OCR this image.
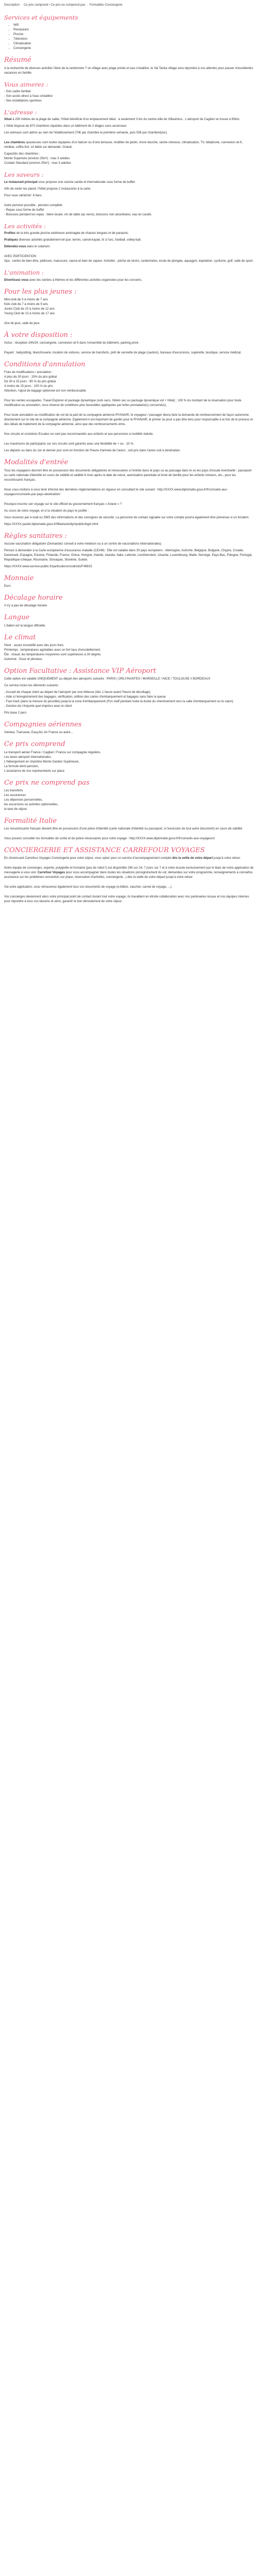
Description · Ce prix comprend / Ce prix ne comprend pas · Formalités Conciergerie
Services et équipements
• Wifi
• Restaurant
• Piscine
• Télévision
• Climatisation
• Conciergerie
Résumé

A la recherche de diverses activités l'âme de la randonnée ? un village avec plage privée et eau cristalline, le Val Tanka village sera répondre à vos attentes pour passer d'excellentes vacances en famille.

Vous aimerez :

- Son cadre familial
- Son accès direct à l'eau cristalline
- Ses installations sportives

L'adresse :

Situé à 200 mètres de la plage de sable, l'hôtel bénéficie d'un emplacement idéal : à seulement 3 km du centre-ville de Villasimius , L'aéroport de Cagliari se trouve à 65km.

L'hôtel dispose de 870 chambres réparties dans un bâtiment de 2 étages sans ascenseur.

Les animaux sont admis au sein de l'établissement (70€ par chambre la première semaine, puis 50€ par chambre/jour).

Les chambres spacieuses sont toutes équipées d'un balcon ou d'une terrasse, mobilier de jardin, d'une douche, sèche-cheveux, climatisation, TV, téléphone, connexion wi-fi, minibar, coffre-fort. Lit bébé sur demande. Gratuit.

Capacités des chambres :
Monte Superiore (environ 25m²) : max 3 adultes
Cosbah Standard (environ 25m²) : max 3 adultes

Les saveurs :

Le restaurant principal vous propose une cuisine variée et internationale sous forme de buffet.

Afin de varier les plaisir, l'hôtel propose 2 restaurants à la carte.

Pour vous rafraîchir: 6 bars.

Autre pension possible : pension complète
- Repas sous forme de buffet
- Boissons pendant les repas : bière locale, vin de table (au verre), boissons non alcoolisées, eau en carafe.

Les activités :

Profitez de la très grande piscine extérieure aménagée de chaises longues et de parasols.

Pratiquez diverses activités gratuitement tel que: tennis, canoë-kayak, tir à l'arc, football, volley-ball.

Détendez-vous dans le solarium.

AVEC PARTICIPATION
Spa : centre de bien-être, pédicure, manucure, sauna et bain de vapeur. Activités : pêche de loisirs, randonnées, école de plongée, aquagym, équitation, cyclisme, golf, salle de sport.

L'animation :

Divertissez vous avec les soirées à thèmes et les différentes activités organisées pour les concerts.

Pour les plus jeunes :

Mini-club de 3 à moins de 7 ans
Kids club de 7 à moins de 9 ans
Junior Club de 10 à moins de 12 ans
Young Club de 13 à moins de 17 ans

Aire de jeux, salle de jeux.

À votre disposition :

Inclus : réception 24h/24, conciergerie, connexion wi-fi dans l'ensemble du bâtiment, parking privé.

Payant : babysitting, blanchisserie, location de voitures, service de transferts, prêt de serviette de plage (caution), bureaux d'excursions, supérette, boutique, service médical.

Conditions d'annulation

Frais de modifications / annulation :
A plus de 30 jours : 15% du prix global
De 30 à 15 jours : 85 % du prix global
A moins de 15 jours : 100 % du prix
Attention, l'ajout de bagage optionnel est non remboursable.

Pour les ventes escapades, Travel Explorer et package dynamique (vols secs, hôtels sec ou package dynamique vol + hôtel) : 100 % du montant de la réservation pour toute modification ou annulation, sous réserve de conditions plus favorables appliquées par le/les prestataire(s) concerné(s).

Pour toute annulation ou modification de vol de la part de la compagnie aérienne RYANAIR, le voyageur / passager devra faire la demande de remboursement de façon autonome directement sur le site de la compagnie aérienne. Egalement il est important de garder pour le RYANAIR, le primer ou pour a pas être tenu pour responsable à la fois de le process et des délais de traitement de la compagnie aérienne, ainsi que des remboursements émis.

Nos circuits et croisières Escales ne sont pas recommandés aux enfants et aux personnes à mobilité réduite.

Les maximums de participants sur nos circuits sont garantis avec une flexibilité de + ou - 10 %.

Les départs ou dans du 1er et dernier jour sont en fonction de l'heure d'arrivée de l'avion , soit pris dans l'avion soit à destination.

Modalités d'entrée

Tous les voyageurs devront être en possession des documents obligatoires et nécessaires à l'entrée dans le pays ou au passage dans le ou les pays d'escale éventuelle : passeport ou carte nationale d'identité en cours de validité et validité 6 mois après la date de retour, autorisation parentale et livret de famille pour les enfants mineurs, etc., pour les ressortissants français.

Nous vous invitons à vous tenir informé des dernières réglementations en vigueur en consultant le site suivant : http://XXXX.www.diplomatie.gouv.fr/fr/conseils-aux-voyageurs/conseils-par-pays-destination/

Pourquoi inscrire son voyage sur le site officiel du gouvernement français « Ariane » ?

Au cours de votre voyage, et si la situation du pays le justifie :

Vous recevrez par e-mail ou SMS des informations et des consignes de sécurité. La personne de contact signalée sur votre compte pourra également être prévenue si un incident.

https://XXXX.pastel.diplomatie.gouv.fr/fildariane/dyn/public/login.html

Règles sanitaires :

Aucune vaccination obligatoire (Demandez conseil à votre médecin ou à un centre de vaccinations internationales).

Pensez à demander à la Carte européenne d'assurance maladie (CEAM) : Elle est valable dans 30 pays européens : Allemagne, Autriche, Belgique, Bulgarie, Chypre, Croatie, Danemark, Espagne, Estonie, Finlande, France, Grèce, Hongrie, Irlande, Islande, Italie, Lettonie, Liechtenstein, Lituanie, Luxembourg, Malte, Norvège, Pays-Bas, Pologne, Portugal, République tchèque, Roumanie, Slovaquie, Slovénie, Suède.

https://XXXX.www.service-public.fr/particuliers/vosdroits/F49815

Monnaie

Euro

Décalage horaire

Il n'y a pas de décalage horaire

Langue

L'italien est la langue officielle.

Le climat

Hiver : assez ensoleillé avec des jours frais.
Printemps : températures agréables avec un fort taux d'ensoleillement.
Été : chaud, les températures moyennes sont supérieures à 30 degrés.
Automne : Doux et pluvieux.

Option Facultative : Assistance VIP Aéroport

Cette option est valable UNIQUEMENT au départ des aéroports suivants : PARIS ( ORLY/NANTES / MARSEILLE / NICE / TOULOUSE // BORDEAUX

Ce service inclus les éléments suivants :

- Accueil de chaque client au départ de l'aéroport par une hôtesse (dès 1 heure avant l'heure de décollage)
- Aide à l'enregistrement des bagages, vérification, édition des cartes d'embarquement et bagages sans faire la queue
- Fast track (dans la mesure du possible) jusqu'à la zone d'embarquement (Fun staff pendant toute la durée du cheminement vers la salle d'embarquement ou le salon)
- Gestion de n'importe quel imprévu avec le client

Prix base 2 pers

Compagnies aériennes

Volotea, Transavia, EasyJet, Air France ou autre...

Ce prix comprend

Le transport aérien France / Cagliari / France sur compagnie régulière,
Les taxes aéroport internationales,
L'hébergement en chambre Monte Garden Supérieure,
La formule demi pension,
L'assistance de nos représentants sur place

Ce prix ne comprend pas

Les transferts
Les assurances
Les dépenses personnelles,
les excursions ou activités optionnelles,
la taxe de séjour.

Formalité Italie

Les ressortissants français doivent être en possession d'une pièce d'identité (carte nationale d'identité ou passeport, à l'exclusion de tout autre document) en cours de validité.

Vous pouvez consulter les formalités de sortie et de police nécessaires pour votre voyage : http://XXXX.www.diplomatie.gouv.fr/fr/conseils-aux-voyageurs/

CONCIERGERIE ET ASSISTANCE CARREFOUR VOYAGES

En choisissant Carrefour Voyages Conciergerie pour votre séjour, vous optez pour un service d'accompagnement complet dès la veille de votre départ jusqu'à votre retour.

Notre équipe de concierges, experte, polyglotte et humaine (pas de robot !) est disponible 24h sur 24, 7 jours sur 7 et à votre écoute exclusivement par le biais de notre application de messagerie à vous voir. Carrefour Voyages pour vous accompagner dans toutes les situations (enregistrement du vol, demandes sur votre programme, renseignements à connaître, assistance sur les problèmes rencontrés sur place, réservation d'activités, conciergerie...) dès la veille de votre départ jusqu'à votre retour.

Via votre application, vous retrouverez également tous vos documents de voyage (e-billets, vaucher, carnet de voyage, ...).

Vos concierges deviennent alors votre principal point de contact durant tout votre voyage, ils travaillent en étroite collaboration avec nos partenaires locaux et nos équipes internes pour répondre à tous vos besoins et ainsi, garantir le bon déroulement de votre séjour.
